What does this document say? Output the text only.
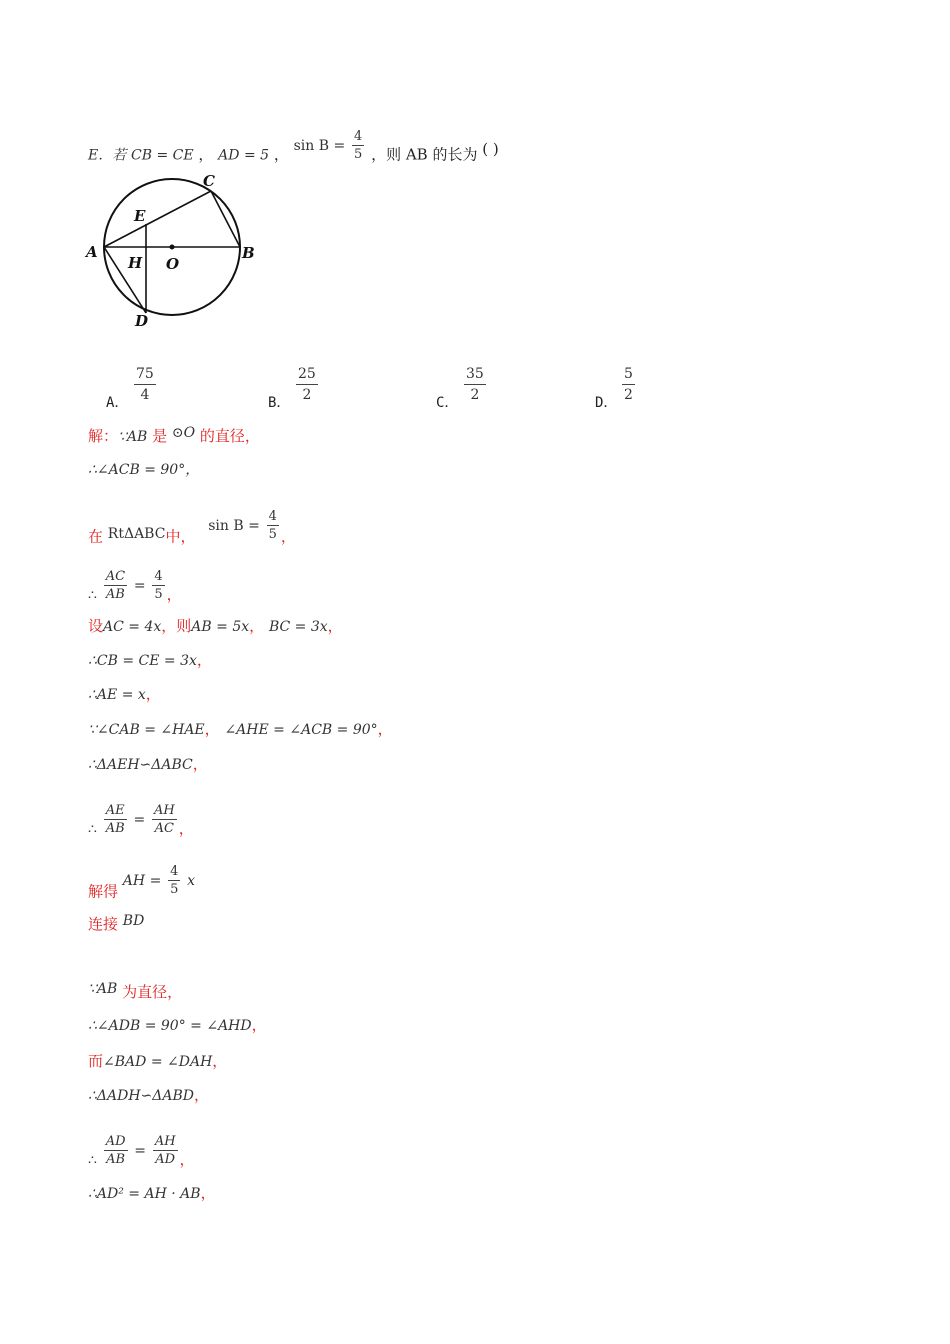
E．若 CB = CE ， AD = 5 ， $\sin B = \frac{4}{5}$ ，则 AB 的长为 ( )
A	B
C
D
E
H O
A． $\frac{75}{4}$	B． $\frac{25}{2}$	C． $\frac{35}{2}$	D． $\frac{5}{2}$
解：∵AB 是 ⊙O 的直径，
∴∠ACB = 90°，
在 RtΔABC中， $\sin B = \frac{4}{5}$ ，
∴ $\frac{AC}{AB} = \frac{4}{5}$ ，
设AC = 4x，则AB = 5x， BC = 3x，
∴CB = CE = 3x，
∴AE = x，
∵∠CAB = ∠HAE， ∠AHE = ∠ACB = 90°，
∴ΔAEH∽ΔABC，
∴ $\frac{AE}{AB} = \frac{AH}{AC}$ ，
解得 AH = $\frac{4}{5}$ x
连接 BD
∵AB 为直径，
∴∠ADB = 90° = ∠AHD，
而∠BAD = ∠DAH，
∴ΔADH∽ΔABD，
∴ $\frac{AD}{AB} = \frac{AH}{AD}$ ，
∴AD² = AH · AB，
